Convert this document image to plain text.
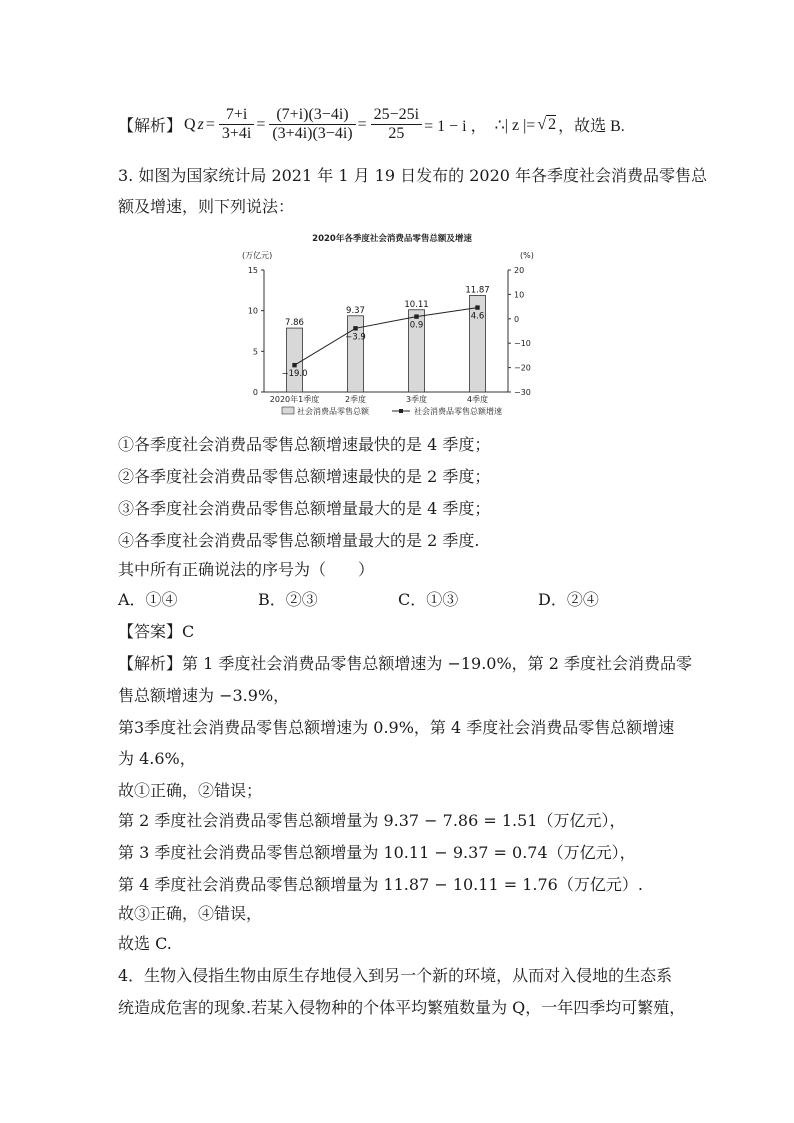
【解析】 Q $z = \frac{7+i}{3+4i} = \frac{(7+i)(3-4i)}{(3+4i)(3-4i)} = \frac{25-25i}{25} = 1 - i$ ， ∴| z |= √ 2 ，故选 B.
3. 如图为国家统计局 2021 年 1 月 19 日发布的 2020 年各季度社会消费品零售总
额及增速，则下列说法：
2020年各季度社会消费品零售总额及增速
(万亿元)	(%)
0
5
10
15	20
10
0
−10
−20
−30
2020年1季度	2季度	3季度	4季度
7.86
9.37
10.11
11.87
−19.0
−3.9
0.9
4.6
社会消费品零售总额	社会消费品零售总额增速
①各季度社会消费品零售总额增速最快的是 4 季度；
②各季度社会消费品零售总额增速最快的是 2 季度；
③各季度社会消费品零售总额增量最大的是 4 季度；
④各季度社会消费品零售总额增量最大的是 2 季度.
其中所有正确说法的序号为（　　）
A．①④	B．②③	C．①③	D．②④
【答案】C
【解析】第 1 季度社会消费品零售总额增速为 −19.0%，第 2 季度社会消费品零
售总额增速为 −3.9%，
第3季度社会消费品零售总额增速为 0.9%，第 4 季度社会消费品零售总额增速
为 4.6%，
故①正确，②错误；
第 2 季度社会消费品零售总额增量为 9.37 − 7.86 = 1.51（万亿元），
第 3 季度社会消费品零售总额增量为 10.11 − 9.37 = 0.74（万亿元），
第 4 季度社会消费品零售总额增量为 11.87 − 10.11 = 1.76（万亿元）.
故③正确，④错误，
故选 C.
4．生物入侵指生物由原生存地侵入到另一个新的环境，从而对入侵地的生态系
统造成危害的现象.若某入侵物种的个体平均繁殖数量为 Q，一年四季均可繁殖，
